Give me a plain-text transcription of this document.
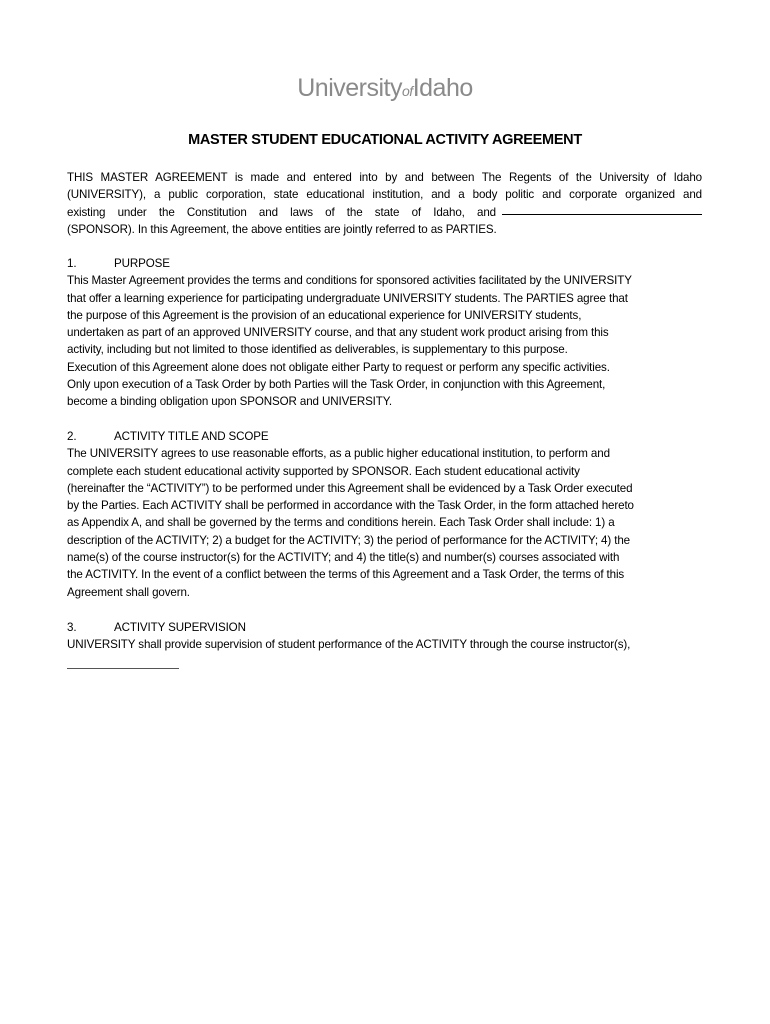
UniversityofIdaho
MASTER STUDENT EDUCATIONAL ACTIVITY AGREEMENT
THIS MASTER AGREEMENT is made and entered into by and between The Regents of the University of Idaho
(UNIVERSITY), a public corporation, state educational institution, and a body politic and corporate organized and
existing under the Constitution and laws of the state of Idaho, and
(SPONSOR). In this Agreement, the above entities are jointly referred to as PARTIES.
1.	PURPOSE
This Master Agreement provides the terms and conditions for sponsored activities facilitated by the UNIVERSITY
that offer a learning experience for participating undergraduate UNIVERSITY students. The PARTIES agree that
the purpose of this Agreement is the provision of an educational experience for UNIVERSITY students,
undertaken as part of an approved UNIVERSITY course, and that any student work product arising from this
activity, including but not limited to those identified as deliverables, is supplementary to this purpose.
Execution of this Agreement alone does not obligate either Party to request or perform any specific activities.
Only upon execution of a Task Order by both Parties will the Task Order, in conjunction with this Agreement,
become a binding obligation upon SPONSOR and UNIVERSITY.
2.	ACTIVITY TITLE AND SCOPE
The UNIVERSITY agrees to use reasonable efforts, as a public higher educational institution, to perform and
complete each student educational activity supported by SPONSOR. Each student educational activity
(hereinafter the “ACTIVITY”) to be performed under this Agreement shall be evidenced by a Task Order executed
by the Parties. Each ACTIVITY shall be performed in accordance with the Task Order, in the form attached hereto
as Appendix A, and shall be governed by the terms and conditions herein. Each Task Order shall include: 1) a
description of the ACTIVITY; 2) a budget for the ACTIVITY; 3) the period of performance for the ACTIVITY; 4) the
name(s) of the course instructor(s) for the ACTIVITY; and 4) the title(s) and number(s) courses associated with
the ACTIVITY. In the event of a conflict between the terms of this Agreement and a Task Order, the terms of this
Agreement shall govern.
3.	ACTIVITY SUPERVISION
UNIVERSITY shall provide supervision of student performance of the ACTIVITY through the course instructor(s),
